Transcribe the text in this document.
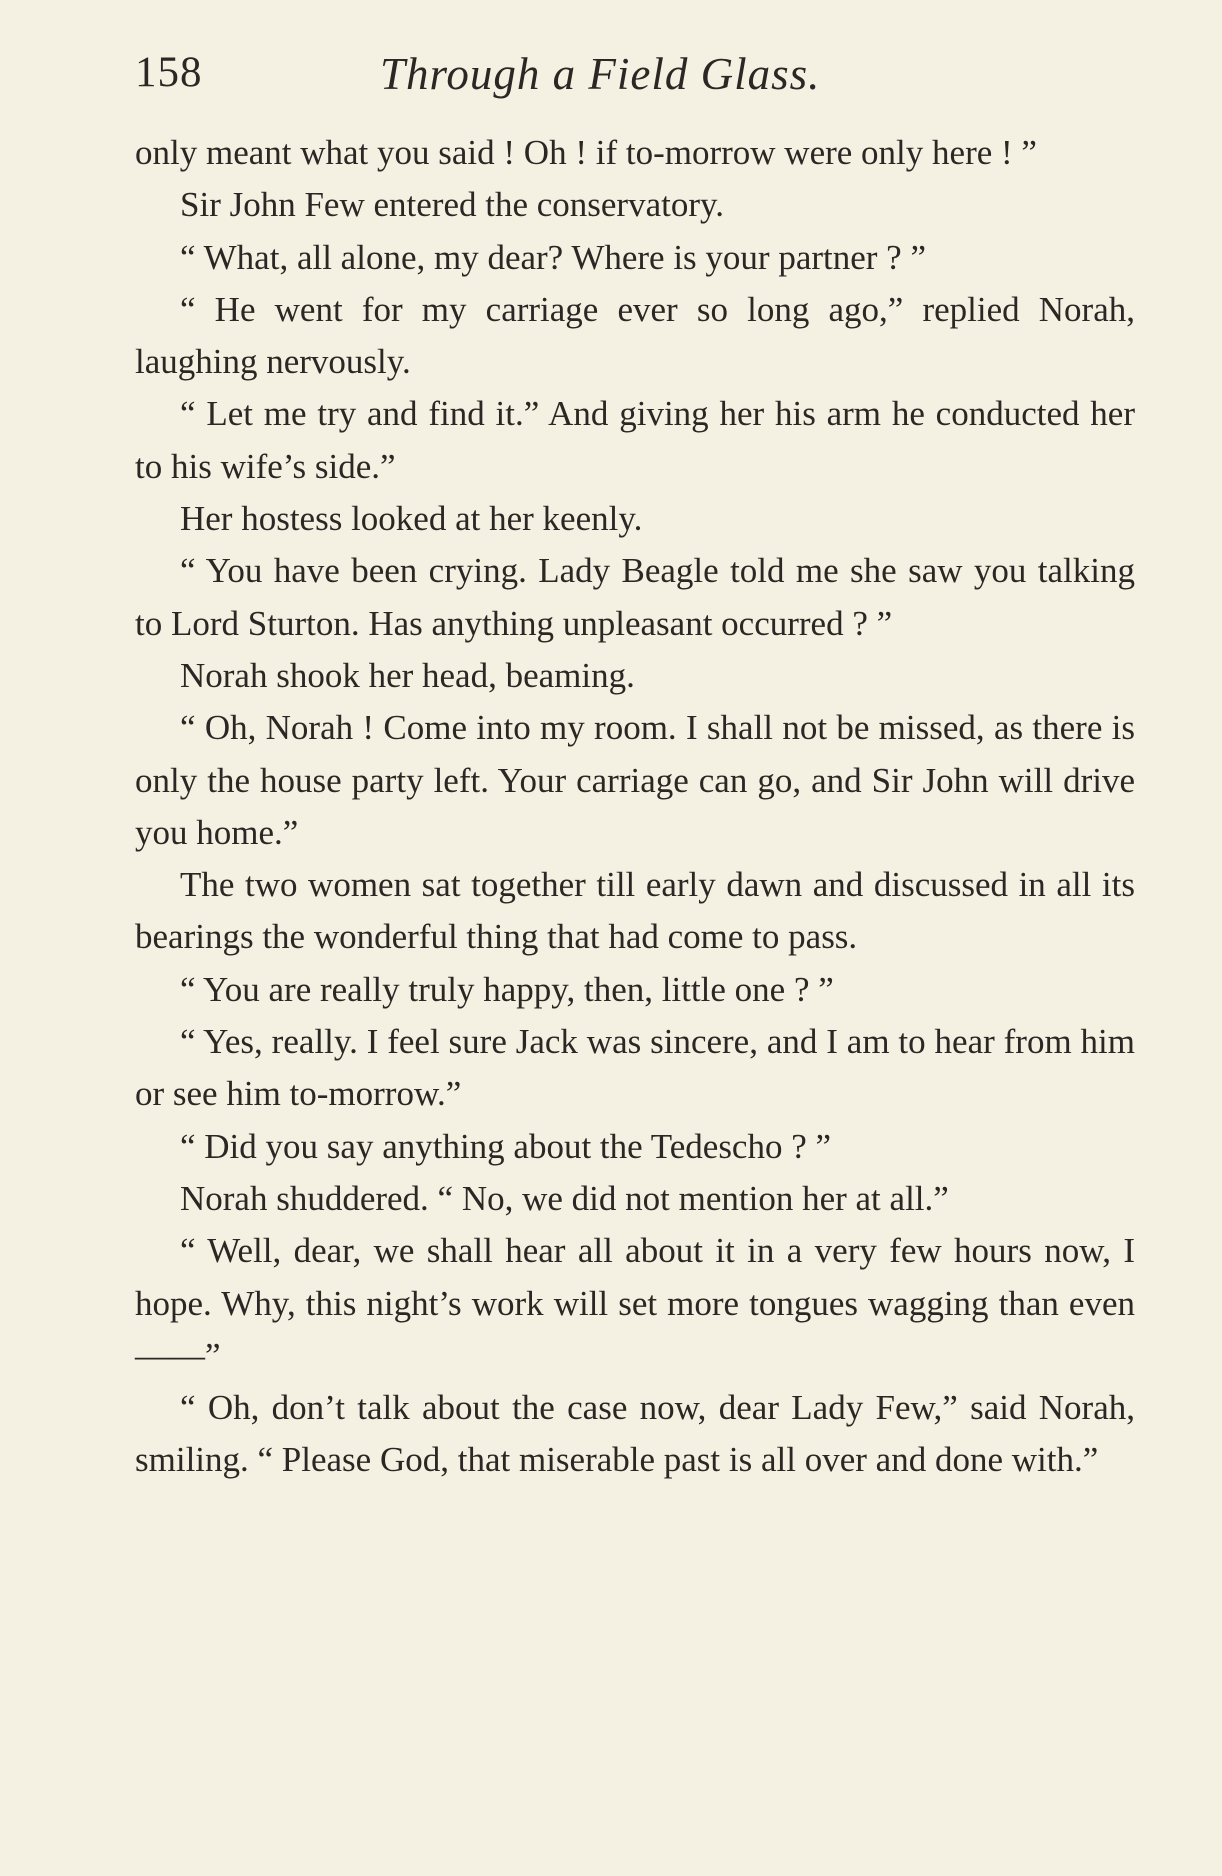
158	Through a Field Glass.

only meant what you said ! Oh ! if to-morrow were only here ! ”

Sir John Few entered the conservatory.

“ What, all alone, my dear? Where is your partner ? ”

“ He went for my carriage ever so long ago,” replied Norah, laughing nervously.

“ Let me try and find it.” And giving her his arm he conducted her to his wife’s side.”

Her hostess looked at her keenly.

“ You have been crying. Lady Beagle told me she saw you talking to Lord Sturton. Has anything unpleasant occurred ? ”

Norah shook her head, beaming.

“ Oh, Norah ! Come into my room. I shall not be missed, as there is only the house party left. Your carriage can go, and Sir John will drive you home.”

The two women sat together till early dawn and discussed in all its bearings the wonderful thing that had come to pass.

“ You are really truly happy, then, little one ? ”

“ Yes, really. I feel sure Jack was sincere, and I am to hear from him or see him to-morrow.”

“ Did you say anything about the Tedescho ? ”

Norah shuddered. “ No, we did not mention her at all.”

“ Well, dear, we shall hear all about it in a very few hours now, I hope. Why, this night’s work will set more tongues wagging than even——”

“ Oh, don’t talk about the case now, dear Lady Few,” said Norah, smiling. “ Please God, that miserable past is all over and done with.”
